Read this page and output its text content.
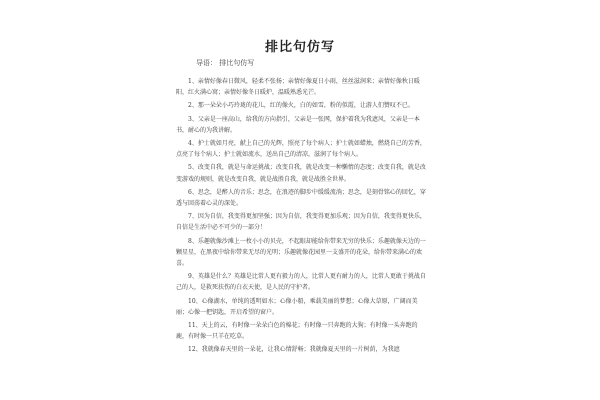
排比句仿写
导语： 排比句仿写

1、亲情好像春日微风，轻柔不张扬；亲情好像夏日小雨，丝丝滋润来；亲情好像秋日暖阳，红火满心窝；亲情好像冬日暖炉，温暖熟悉光芒。

2、那一朵朵小巧玲珑的花儿，红的像火，白的如雪，粉的似霞，让游人们赞叹不已。

3、父亲是一座高山，给我的方向指引，父亲是一张网，保护着我为我遮风，父亲是一本书，耐心的为我讲解。

4、护士就如月亮，献上自己的光辉，照亮了每个病人；护士就如蜡烛，燃烧自己的芳香，点亮了每个病人；护士就如流水，送出自己的清凉，滋润了每个病人。

5、改变自我，就是与命运挑战；改变自我，就是改变一种懒惰的态度；改变自我，就是改变游戏的规则，就是改变自我，就是战胜自我，就是战胜全世界。

6、思念，是醉人的音乐；思念，在浪迹的脚步中缓缓流淌；思念，是刻骨铭心的回忆，穿透与回荡着心灵的深处。

7、因为自信，我变得更加坚强；因为自信，我变得更加乐观；因为自信，我变得更快乐，自信是生活中必不可少的一部分！

8、乐趣就像沙滩上一枚小小的贝壳，不起眼却能给你带来无穷的快乐；乐趣就像天边的一颗星星，在黑夜中给你带来无尽的光明；乐趣就像花园里一支盛开的花朵，给你带来满心的欢喜。

9、英雄是什么？英雄是比常人更有毅力的人，比常人更有耐力的人，比常人更敢于挑战自己的人，是救死扶伤的白衣天使，是人民的守护者。

10、心像湖水，单纯的透明如水；心像小船，乘载美丽的梦想；心像大草原，广阔而美丽；心像一把钥匙，开启希望的窗户。

11、天上的云，有时像一朵朵白色的棉花；有时像一只奔跑的大狗；有时像一头奔跑的鹿，有时像一只羊在吃草。

12、我就像春天里的一朵花，让我心情舒畅；我就像夏天里的一片树荫，为我遮
